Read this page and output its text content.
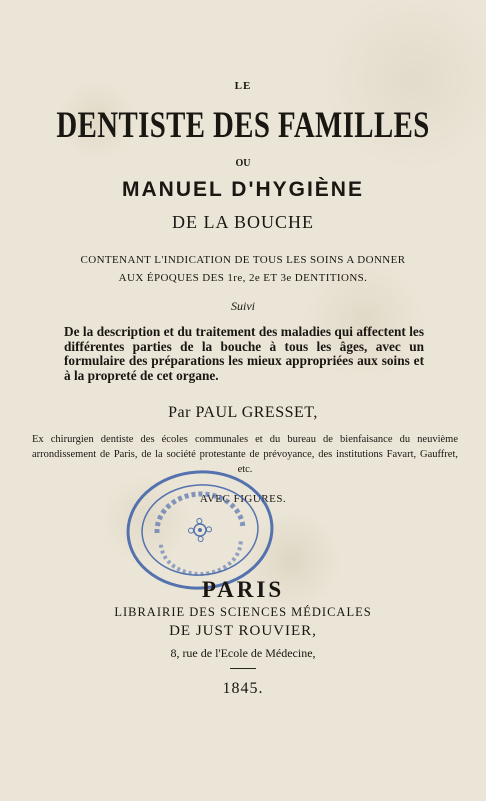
LE
DENTISTE DES FAMILLES
OU
MANUEL D'HYGIÈNE
DE LA BOUCHE
CONTENANT L'INDICATION DE TOUS LES SOINS A DONNER
AUX ÉPOQUES DES 1re, 2e ET 3e DENTITIONS.
Suivi
De la description et du traitement des maladies qui affectent les différentes parties de la bouche à tous les âges, avec un formulaire des préparations les mieux appropriées aux soins et à la propreté de cet organe.
Par PAUL GRESSET,
Ex chirurgien dentiste des écoles communales et du bureau de bienfaisance du neuvième arrondissement de Paris, de la société protestante de prévoyance, des institutions Favart, Gauffret, etc.
AVEC FIGURES.
PARIS
LIBRAIRIE DES SCIENCES MÉDICALES
DE JUST ROUVIER,
8, rue de l'Ecole de Médecine,
1845.
